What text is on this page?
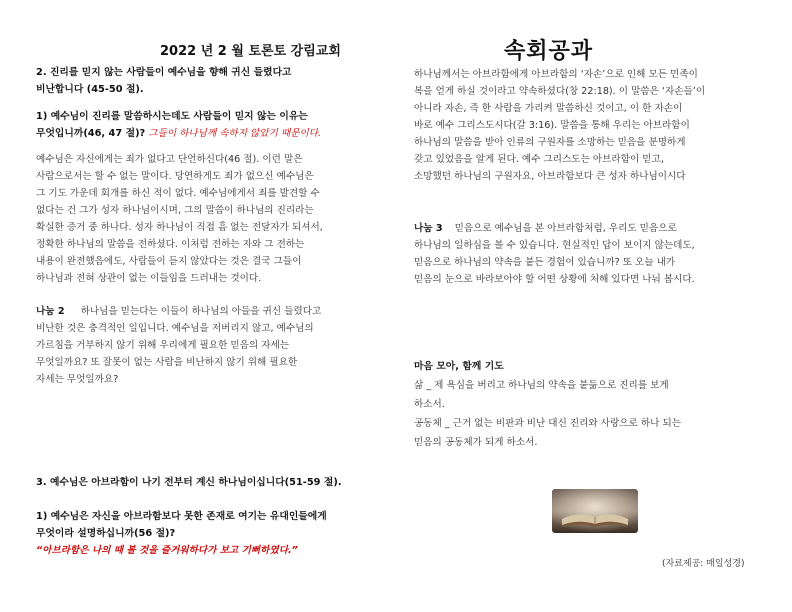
2022 년 2 월 토론토 강림교회
2. 진리를 믿지 않는 사람들이 예수님을 향해 귀신 들렸다고
비난합니다 (45-50 절).
1) 예수님이 진리를 말씀하시는데도 사람들이 믿지 않는 이유는
무엇입니까(46, 47 절)? 그들이 하나님께 속하지 않았기 때문이다.
예수님은 자신에게는 죄가 없다고 단언하신다(46 절). 이런 말은
사람으로서는 할 수 없는 말이다. 당연하게도 죄가 없으신 예수님은
그 기도 가운데 회개를 하신 적이 없다. 예수님에게서 죄를 발견할 수
없다는 건 그가 성자 하나님이시며, 그의 말씀이 하나님의 진리라는
확실한 증거 중 하나다. 성자 하나님이 직접 흠 없는 전달자가 되셔서,
정확한 하나님의 말씀을 전하셨다. 이처럼 전하는 자와 그 전하는
내용이 완전했음에도, 사람들이 듣지 않았다는 것은 결국 그들이
하나님과 전혀 상관이 없는 이들임을 드러내는 것이다.
나눔 2 하나님을 믿는다는 이들이 하나님의 아들을 귀신 들렸다고
비난한 것은 충격적인 일입니다. 예수님을 저버리지 않고, 예수님의
가르침을 거부하지 않기 위해 우리에게 필요한 믿음의 자세는
무엇일까요? 또 잘못이 없는 사람을 비난하지 않기 위해 필요한
자세는 무엇일까요?
3. 예수님은 아브라함이 나기 전부터 계신 하나님이십니다(51-59 절).
1) 예수님은 자신을 아브라함보다 못한 존재로 여기는 유대인들에게
무엇이라 설명하십니까(56 절)?
“아브라함은 나의 때 볼 것을 즐거워하다가 보고 기뻐하였다.”
속회공과
하나님께서는 아브라함에게 아브라함의 ‘자손’으로 인해 모든 민족이
복을 얻게 하실 것이라고 약속하셨다(창 22:18). 이 말씀은 ‘자손들’이
아니라 자손, 즉 한 사람을 가리켜 말씀하신 것이고, 이 한 자손이
바로 예수 그리스도시다(갈 3:16). 말씀을 통해 우리는 아브라함이
하나님의 말씀을 받아 인류의 구원자를 소망하는 믿음을 분명하게
갖고 있었음을 알게 된다. 예수 그리스도는 아브라함이 믿고,
소망했던 하나님의 구원자요, 아브라함보다 큰 성자 하나님이시다
나눔 3 믿음으로 예수님을 본 아브라함처럼, 우리도 믿음으로
하나님의 일하심을 볼 수 있습니다. 현실적인 답이 보이지 않는데도,
믿음으로 하나님의 약속을 붙든 경험이 있습니까? 또 오늘 내가
믿음의 눈으로 바라보아야 할 어떤 상황에 처해 있다면 나눠 봅시다.
마음 모아, 함께 기도
삶 _ 제 욕심을 버리고 하나님의 약속을 붙듦으로 진리를 보게
하소서.
공동체 _ 근거 없는 비판과 비난 대신 진리와 사랑으로 하나 되는
믿음의 공동체가 되게 하소서.
(자료제공: 매일성경)
